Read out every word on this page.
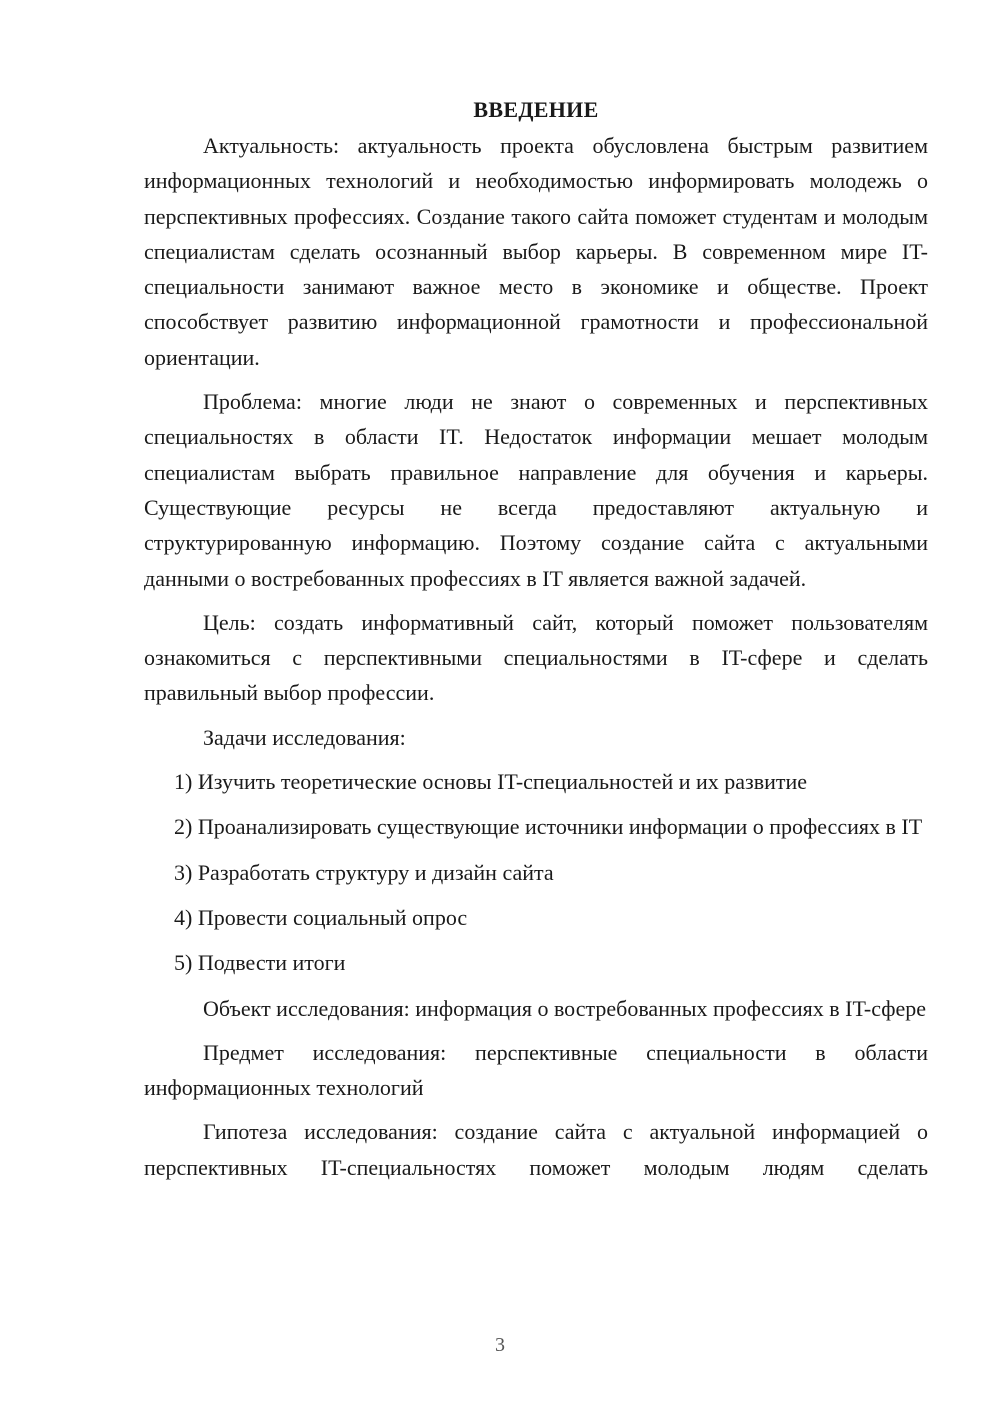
ВВЕДЕНИЕ

Актуальность: актуальность проекта обусловлена быстрым развитием информационных технологий и необходимостью информировать молодежь о перспективных профессиях. Создание такого сайта поможет студентам и молодым специалистам сделать осознанный выбор карьеры. В современном мире IT-специальности занимают важное место в экономике и обществе. Проект способствует развитию информационной грамотности и профессиональной ориентации.

Проблема: многие люди не знают о современных и перспективных специальностях в области IT. Недостаток информации мешает молодым специалистам выбрать правильное направление для обучения и карьеры. Существующие ресурсы не всегда предоставляют актуальную и структурированную информацию. Поэтому создание сайта с актуальными данными о востребованных профессиях в IT является важной задачей.

Цель: создать информативный сайт, который поможет пользователям ознакомиться с перспективными специальностями в IT-сфере и сделать правильный выбор профессии.

Задачи исследования:

1) Изучить теоретические основы IT-специальностей и их развитие

2) Проанализировать существующие источники информации о профессиях в IT

3) Разработать структуру и дизайн сайта

4) Провести социальный опрос

5) Подвести итоги

Объект исследования: информация о востребованных профессиях в IT-сфере

Предмет исследования: перспективные специальности в области информационных технологий

Гипотеза исследования: создание сайта с актуальной информацией о перспективных IT-специальностях поможет молодым людям сделать

3
